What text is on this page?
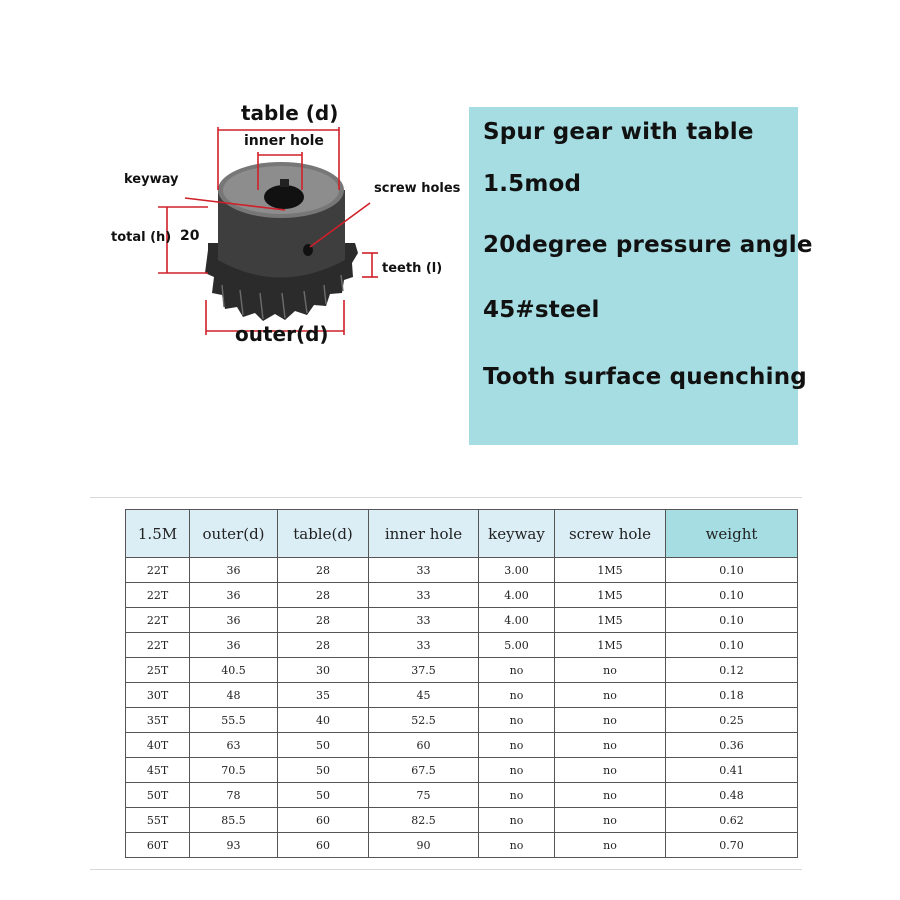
table (d)
inner hole
keyway
screw holes
total (h) 20
teeth (l)
outer(d)
Spur gear with table
1.5mod
20degree pressure angle
45#steel
Tooth surface quenching
1.5M	outer(d)	table(d)	inner hole	keyway	screw hole	weight
22T	36	28	33	3.00	1M5	0.10
22T	36	28	33	4.00	1M5	0.10
22T	36	28	33	4.00	1M5	0.10
22T	36	28	33	5.00	1M5	0.10
25T	40.5	30	37.5	no	no	0.12
30T	48	35	45	no	no	0.18
35T	55.5	40	52.5	no	no	0.25
40T	63	50	60	no	no	0.36
45T	70.5	50	67.5	no	no	0.41
50T	78	50	75	no	no	0.48
55T	85.5	60	82.5	no	no	0.62
60T	93	60	90	no	no	0.70
